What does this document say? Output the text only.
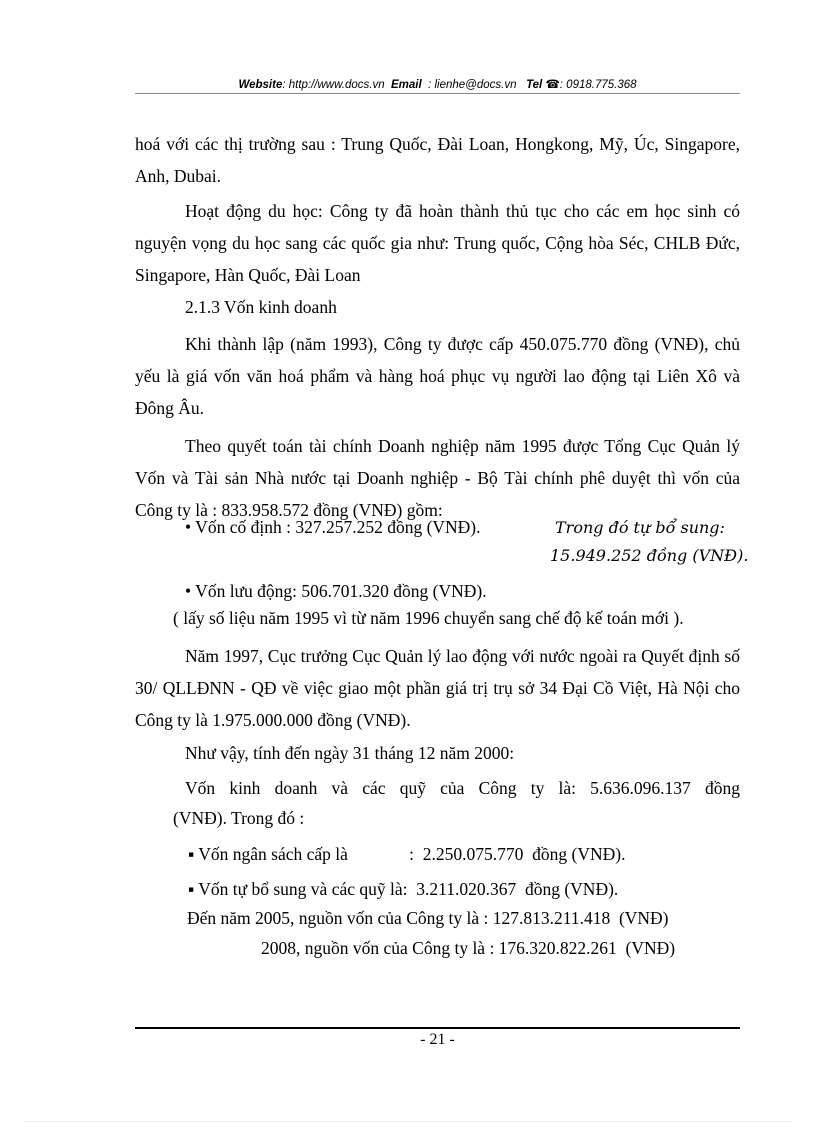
Website: http://www.docs.vn Email : lienhe@docs.vn Tel ☎: 0918.775.368

hoá với các thị trường sau : Trung Quốc, Đài Loan, Hongkong, Mỹ, Úc, Singapore, Anh, Dubai.

Hoạt động du học: Công ty đã hoàn thành thủ tục cho các em học sinh có nguyện vọng du học sang các quốc gia như: Trung quốc, Cộng hòa Séc, CHLB Đức, Singapore, Hàn Quốc, Đài Loan

2.1.3 Vốn kinh doanh

Khi thành lập (năm 1993), Công ty được cấp 450.075.770 đồng (VNĐ), chủ yếu là giá vốn văn hoá phẩm và hàng hoá phục vụ người lao động tại Liên Xô và Đông Âu.

Theo quyết toán tài chính Doanh nghiệp năm 1995 được Tổng Cục Quản lý Vốn và Tài sản Nhà nước tại Doanh nghiệp - Bộ Tài chính phê duyệt thì vốn của Công ty là : 833.958.572 đồng (VNĐ) gồm:

• Vốn cố định : 327.257.252 đồng (VNĐ).	Trong đó tự bổ sung:
15.949.252 đồng (VNĐ).
• Vốn lưu động: 506.701.320 đồng (VNĐ).
( lấy số liệu năm 1995 vì từ năm 1996 chuyển sang chế độ kế toán mới ).

Năm 1997, Cục trưởng Cục Quản lý lao động với nước ngoài ra Quyết định số 30/ QLLĐNN - QĐ về việc giao một phần giá trị trụ sở 34 Đại Cồ Việt, Hà Nội cho Công ty là 1.975.000.000 đồng (VNĐ).

Như vậy, tính đến ngày 31 tháng 12 năm 2000:
Vốn kinh doanh và các quỹ của Công ty là: 5.636.096.137 đồng
(VNĐ). Trong đó :
▪ Vốn ngân sách cấp là              :  2.250.075.770  đồng (VNĐ).
▪ Vốn tự bổ sung và các quỹ là:  3.211.020.367  đồng (VNĐ).
Đến năm 2005, nguồn vốn của Công ty là : 127.813.211.418  (VNĐ)
2008, nguồn vốn của Công ty là : 176.320.822.261  (VNĐ)
- 21 -
